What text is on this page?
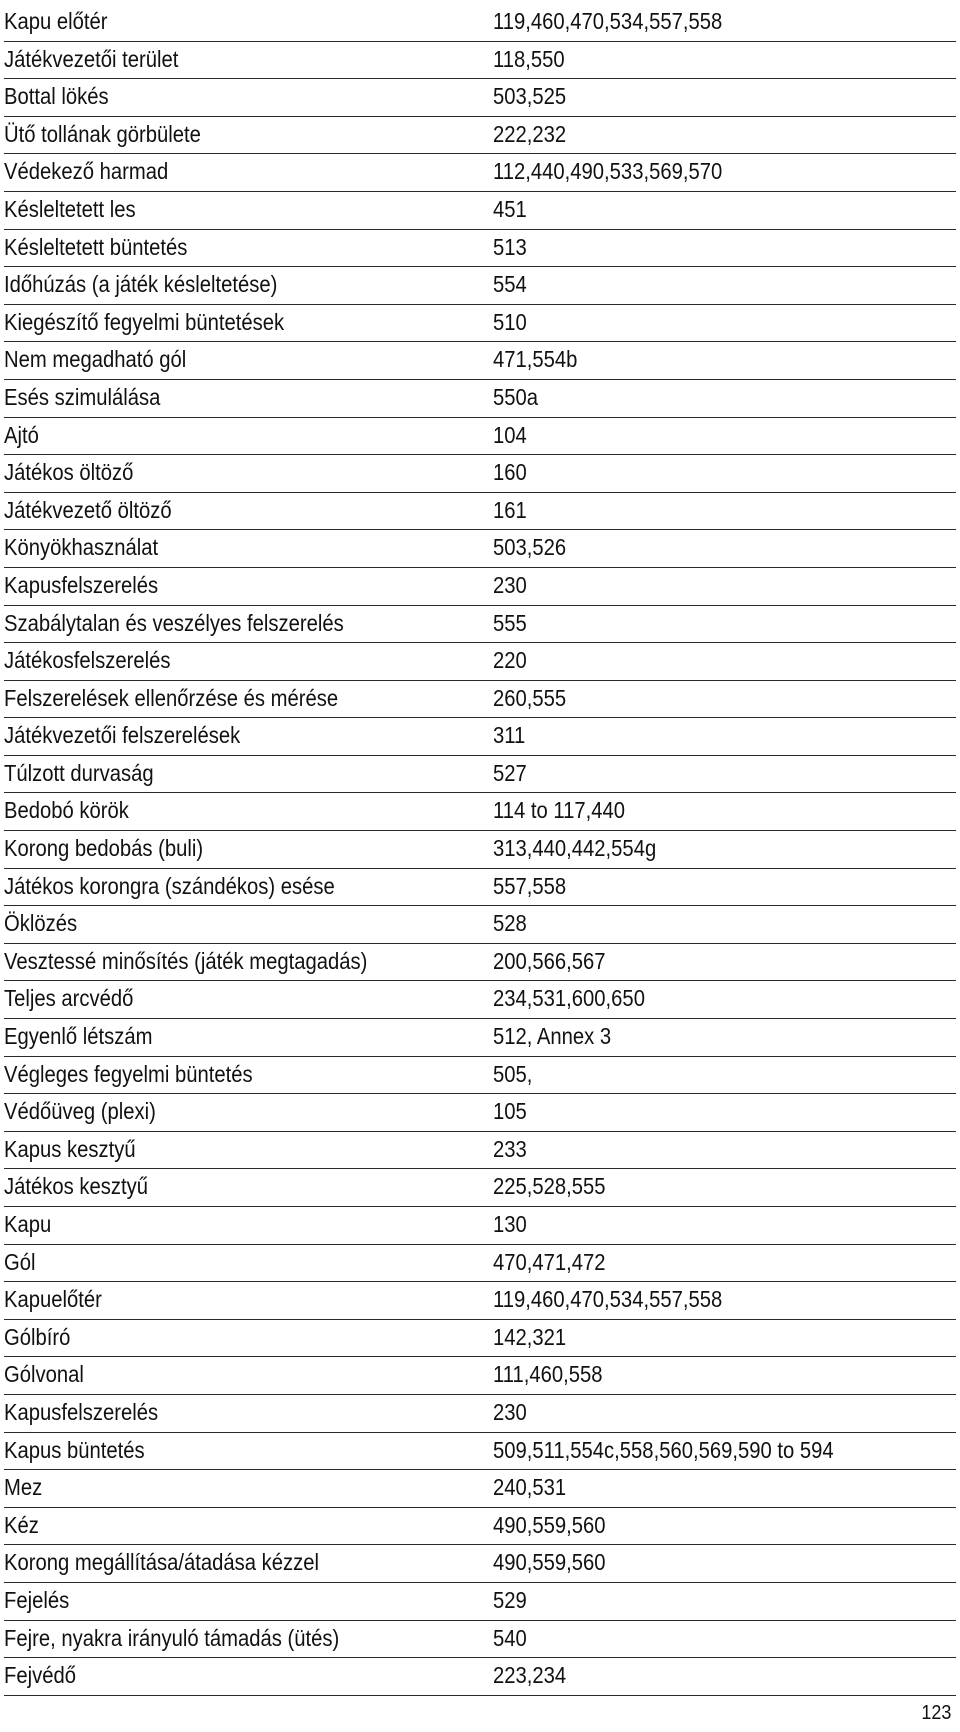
Kapu előtér	119,460,470,534,557,558
Játékvezetői terület	118,550
Bottal lökés	503,525
Ütő tollának görbülete	222,232
Védekező harmad	112,440,490,533,569,570
Késleltetett les	451
Késleltetett büntetés	513
Időhúzás (a játék késleltetése)	554
Kiegészítő fegyelmi büntetések	510
Nem megadható gól	471,554b
Esés szimulálása	550a
Ajtó	104
Játékos öltöző	160
Játékvezető öltöző	161
Könyökhasználat	503,526
Kapusfelszerelés	230
Szabálytalan és veszélyes felszerelés	555
Játékosfelszerelés	220
Felszerelések ellenőrzése és mérése	260,555
Játékvezetői felszerelések	311
Túlzott durvaság	527
Bedobó körök	114 to 117,440
Korong bedobás (buli)	313,440,442,554g
Játékos korongra (szándékos) esése	557,558
Öklözés	528
Vesztessé minősítés (játék megtagadás)	200,566,567
Teljes arcvédő	234,531,600,650
Egyenlő létszám	512, Annex 3
Végleges fegyelmi büntetés	505,
Védőüveg (plexi)	105
Kapus kesztyű	233
Játékos kesztyű	225,528,555
Kapu	130
Gól	470,471,472
Kapuelőtér	119,460,470,534,557,558
Gólbíró	142,321
Gólvonal	111,460,558
Kapusfelszerelés	230
Kapus büntetés	509,511,554c,558,560,569,590 to 594
Mez	240,531
Kéz	490,559,560
Korong megállítása/átadása kézzel	490,559,560
Fejelés	529
Fejre, nyakra irányuló támadás (ütés)	540
Fejvédő	223,234
123
